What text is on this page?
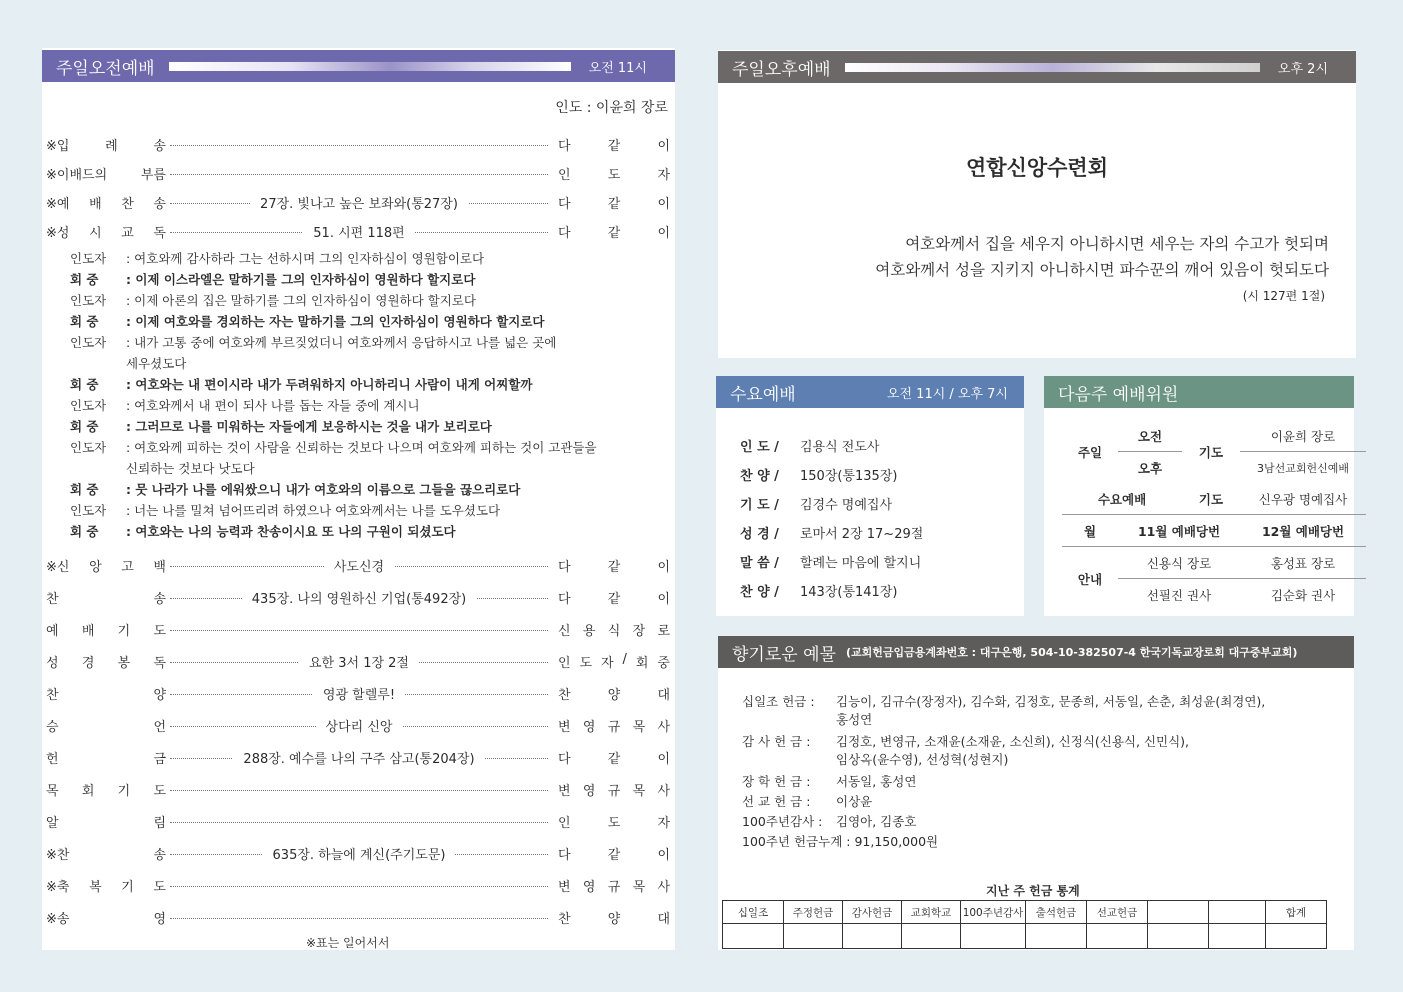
주일오전예배	오전 11시
인도 : 이윤희 장로
※입	례	송	다	같	이
※이배드의	부름	인	도	자
※예 배 찬 송	27장. 빛나고 높은 보좌와(통27장)	다	같	이
※성 시 교 독	51. 시편 118편	다	같	이
인도자 : 여호와께 감사하라 그는 선하시며 그의 인자하심이 영원함이로다
회 중 : 이제 이스라엘은 말하기를 그의 인자하심이 영원하다 할지로다
인도자 : 이제 아론의 집은 말하기를 그의 인자하심이 영원하다 할지로다
회 중 : 이제 여호와를 경외하는 자는 말하기를 그의 인자하심이 영원하다 할지로다
인도자 : 내가 고통 중에 여호와께 부르짖었더니 여호와께서 응답하시고 나를 넓은 곳에
세우셨도다
회 중 : 여호와는 내 편이시라 내가 두려워하지 아니하리니 사람이 내게 어찌할까
인도자 : 여호와께서 내 편이 되사 나를 돕는 자들 중에 계시니
회 중 : 그러므로 나를 미워하는 자들에게 보응하시는 것을 내가 보리로다
인도자 : 여호와께 피하는 것이 사람을 신뢰하는 것보다 나으며 여호와께 피하는 것이 고관들을
신뢰하는 것보다 낫도다
회 중 : 뭇 나라가 나를 에워쌌으니 내가 여호와의 이름으로 그들을 끊으리로다
인도자 : 너는 나를 밀쳐 넘어뜨리려 하였으나 여호와께서는 나를 도우셨도다
회 중 : 여호와는 나의 능력과 찬송이시요 또 나의 구원이 되셨도다
※신 앙 고 백	사도신경	다	같	이
찬	송	435장. 나의 영원하신 기업(통492장)	다	같	이
예 배 기 도	신 용 식 장 로
성 경 봉 독	요한 3서 1장 2절	인 도 자 / 회 중
찬	양	영광 할렐루!	찬	양	대
승	언	상다리 신앙	변 영 규 목 사
헌	금	288장. 예수를 나의 구주 삼고(통204장)	다	같	이
목 회 기 도	변 영 규 목 사
알	림	인	도	자
※찬	송	635장. 하늘에 계신(주기도문)	다	같	이
※축 복 기 도	변 영 규 목 사
※송	영	찬	양	대
※표는 일어서서
주일오후예배	오후 2시
연합신앙수련회
여호와께서 집을 세우지 아니하시면 세우는 자의 수고가 헛되며
여호와께서 성을 지키지 아니하시면 파수꾼의 깨어 있음이 헛되도다
(시 127편 1절)
수요예배	오전 11시 / 오후 7시
인 도 / 김용식 전도사
찬 양 / 150장(통135장)
기 도 / 김경수 명예집사
성 경 / 로마서 2장 17~29절
말 씀 / 할례는 마음에 할지니
찬 양 / 143장(통141장)
다음주 예배위원
주일	오전	기도	이윤희 장로
	오후		3남선교회헌신예배
수요예배		기도	신우광 명예집사
월	11월 예배당번		12월 예배당번
안내	신용식 장로		홍성표 장로
	선필진 권사		김순화 권사
향기로운 예물 (교회헌금입금용계좌번호 : 대구은행, 504-10-382507-4 한국기독교장로회 대구중부교회)
십일조 헌금 : 김능이, 김규수(장정자), 김수화, 김정호, 문종희, 서동일, 손춘, 최성윤(최경연),
홍성연
감 사 헌 금 : 김정호, 변영규, 소재윤(소재윤, 소신희), 신정식(신용식, 신민식),
임상옥(윤수영), 선성혁(성현지)
장 학 헌 금 : 서동일, 홍성연
선 교 헌 금 : 이상윤
100주년감사 : 김영아, 김종호
100주년 헌금누계 : 91,150,000원
지난 주 헌금 통계
십일조	주정헌금	감사헌금	교회학교	100주년감사	출석헌금	선교헌금			합계
